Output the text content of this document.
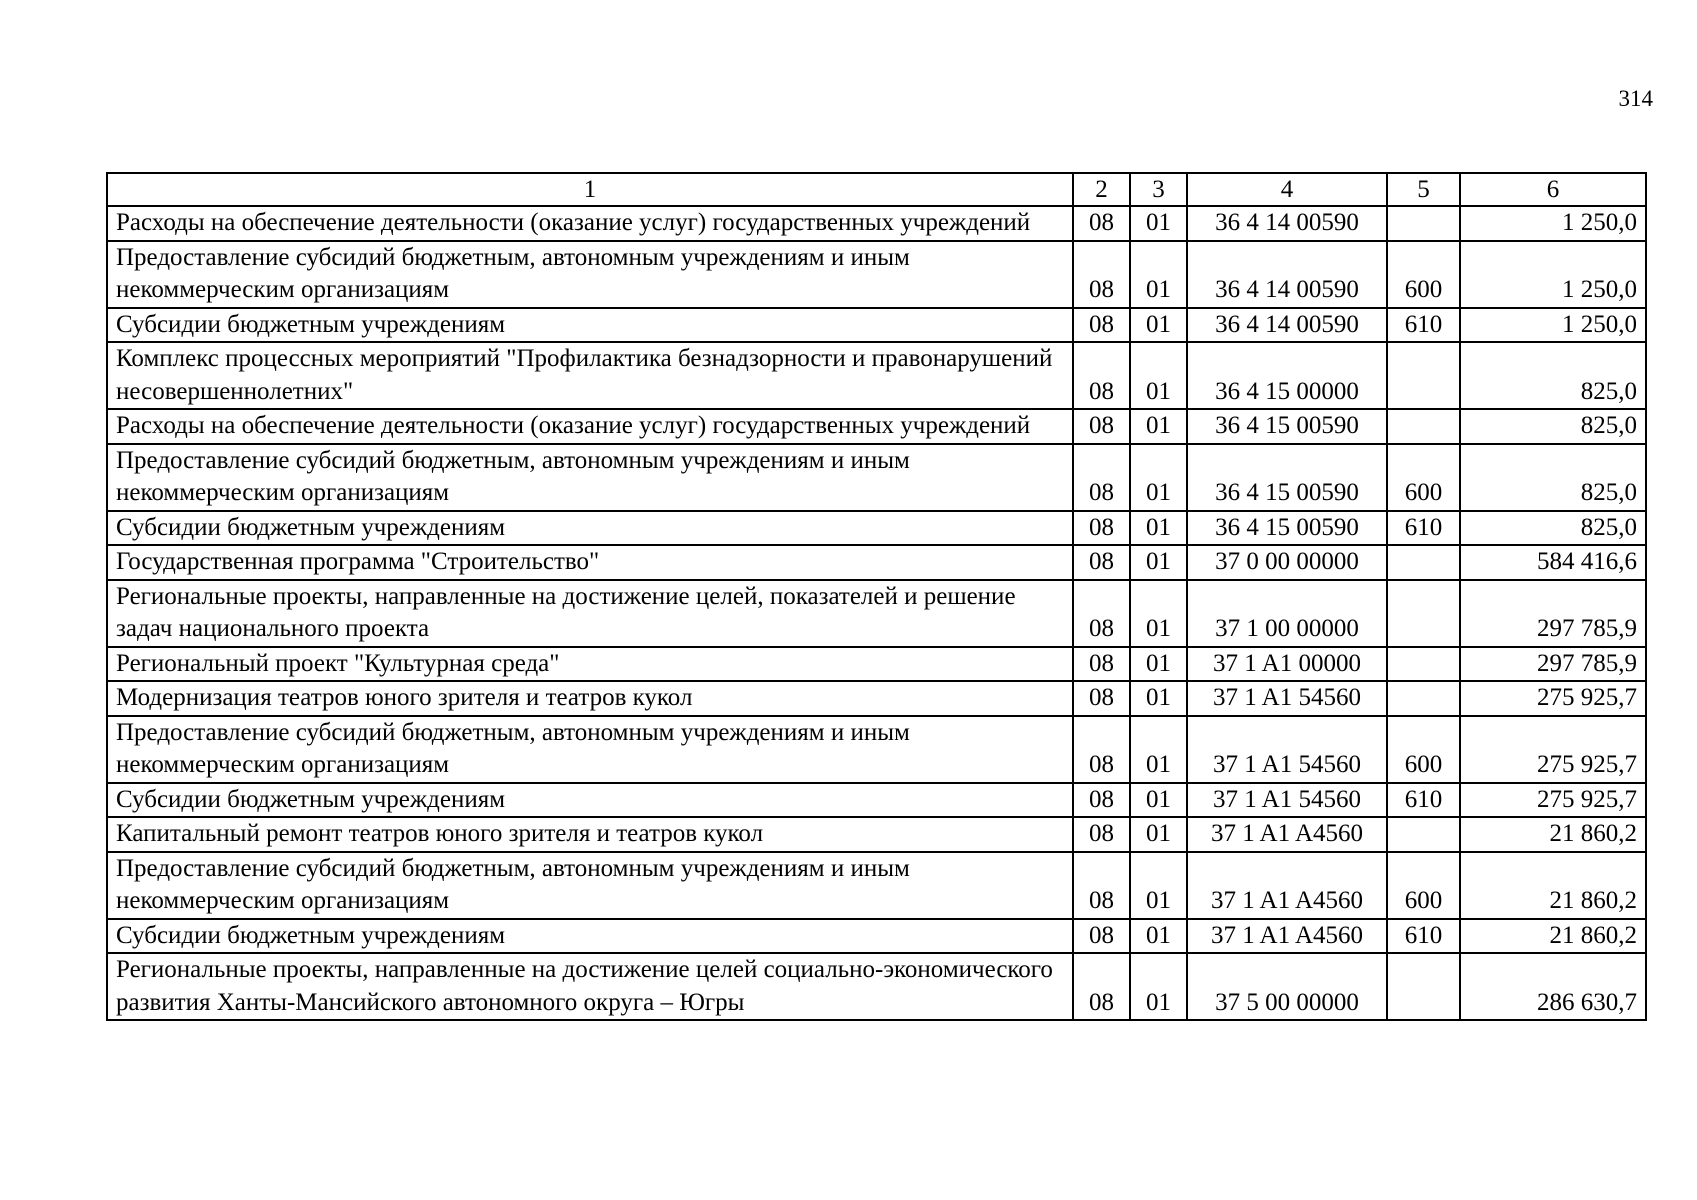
314
1	2	3	4	5	6
Расходы на обеспечение деятельности (оказание услуг) государственных учреждений	08	01	36 4 14 00590		1 250,0
Предоставление субсидий бюджетным, автономным учреждениям и иным некоммерческим организациям	08	01	36 4 14 00590	600	1 250,0
Субсидии бюджетным учреждениям	08	01	36 4 14 00590	610	1 250,0
Комплекс процессных мероприятий "Профилактика безнадзорности и правонарушений несовершеннолетних"	08	01	36 4 15 00000		825,0
Расходы на обеспечение деятельности (оказание услуг) государственных учреждений	08	01	36 4 15 00590		825,0
Предоставление субсидий бюджетным, автономным учреждениям и иным некоммерческим организациям	08	01	36 4 15 00590	600	825,0
Субсидии бюджетным учреждениям	08	01	36 4 15 00590	610	825,0
Государственная программа "Строительство"	08	01	37 0 00 00000		584 416,6
Региональные проекты, направленные на достижение целей, показателей и решение задач национального проекта	08	01	37 1 00 00000		297 785,9
Региональный проект "Культурная среда"	08	01	37 1 A1 00000		297 785,9
Модернизация театров юного зрителя и театров кукол	08	01	37 1 A1 54560		275 925,7
Предоставление субсидий бюджетным, автономным учреждениям и иным некоммерческим организациям	08	01	37 1 A1 54560	600	275 925,7
Субсидии бюджетным учреждениям	08	01	37 1 A1 54560	610	275 925,7
Капитальный ремонт театров юного зрителя и театров кукол	08	01	37 1 A1 A4560		21 860,2
Предоставление субсидий бюджетным, автономным учреждениям и иным некоммерческим организациям	08	01	37 1 A1 A4560	600	21 860,2
Субсидии бюджетным учреждениям	08	01	37 1 A1 A4560	610	21 860,2
Региональные проекты, направленные на достижение целей социально-экономического развития Ханты-Мансийского автономного округа – Югры	08	01	37 5 00 00000		286 630,7
